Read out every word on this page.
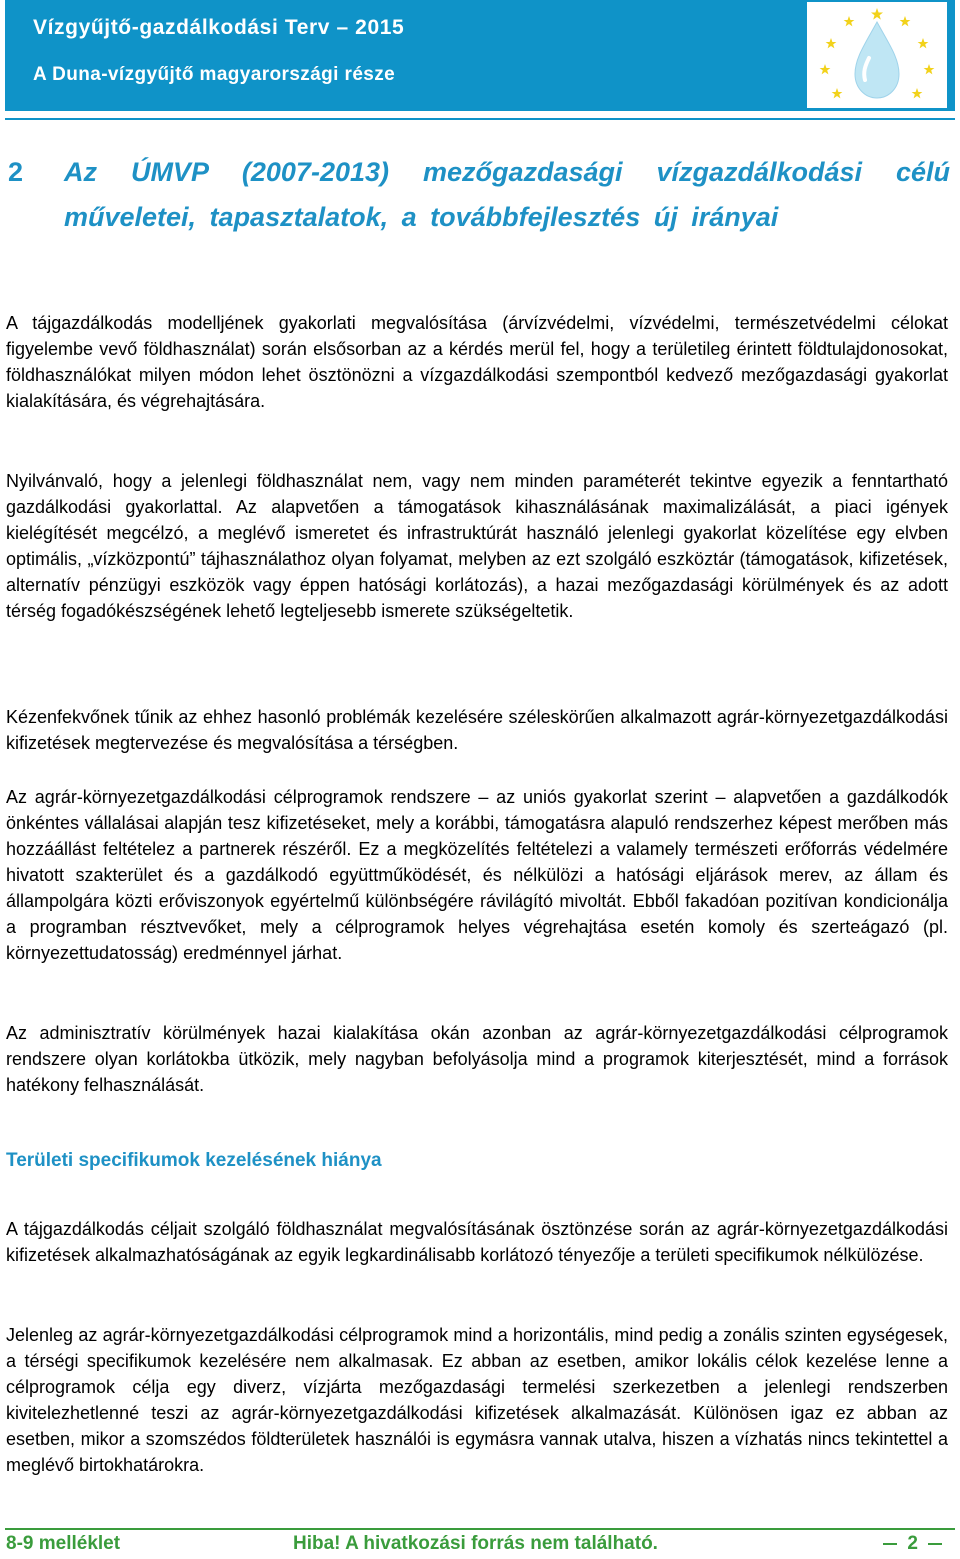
Vízgyűjtő-gazdálkodási Terv – 2015
A Duna-vízgyűjtő magyarországi része
2	Az ÚMVP (2007-2013) mezőgazdasági vízgazdálkodási célú műveletei, tapasztalatok, a továbbfejlesztés új irányai

A tájgazdálkodás modelljének gyakorlati megvalósítása (árvízvédelmi, vízvédelmi, természetvédelmi célokat figyelembe vevő földhasználat) során elsősorban az a kérdés merül fel, hogy a területileg érintett földtulajdonosokat, földhasználókat milyen módon lehet ösztönözni a vízgazdálkodási szempontból kedvező mezőgazdasági gyakorlat kialakítására, és végrehajtására.

Nyilvánvaló, hogy a jelenlegi földhasználat nem, vagy nem minden paraméterét tekintve egyezik a fenntartható gazdálkodási gyakorlattal. Az alapvetően a támogatások kihasználásának maximalizálását, a piaci igények kielégítését megcélzó, a meglévő ismeretet és infrastruktúrát használó jelenlegi gyakorlat közelítése egy elvben optimális, „vízközpontú” tájhasználathoz olyan folyamat, melyben az ezt szolgáló eszköztár (támogatások, kifizetések, alternatív pénzügyi eszközök vagy éppen hatósági korlátozás), a hazai mezőgazdasági körülmények és az adott térség fogadókészségének lehető legteljesebb ismerete szükségeltetik.

Kézenfekvőnek tűnik az ehhez hasonló problémák kezelésére széleskörűen alkalmazott agrár-környezetgazdálkodási kifizetések megtervezése és megvalósítása a térségben.

Az agrár-környezetgazdálkodási célprogramok rendszere – az uniós gyakorlat szerint – alapvetően a gazdálkodók önkéntes vállalásai alapján tesz kifizetéseket, mely a korábbi, támogatásra alapuló rendszerhez képest merőben más hozzáállást feltételez a partnerek részéről. Ez a megközelítés feltételezi a valamely természeti erőforrás védelmére hivatott szakterület és a gazdálkodó együttműködését, és nélkülözi a hatósági eljárások merev, az állam és állampolgára közti erőviszonyok egyértelmű különbségére rávilágító mivoltát. Ebből fakadóan pozitívan kondicionálja a programban résztvevőket, mely a célprogramok helyes végrehajtása esetén komoly és szerteágazó (pl. környezettudatosság) eredménnyel járhat.

Az adminisztratív körülmények hazai kialakítása okán azonban az agrár-környezetgazdálkodási célprogramok rendszere olyan korlátokba ütközik, mely nagyban befolyásolja mind a programok kiterjesztését, mind a források hatékony felhasználását.

Területi specifikumok kezelésének hiánya

A tájgazdálkodás céljait szolgáló földhasználat megvalósításának ösztönzése során az agrár-környezetgazdálkodási kifizetések alkalmazhatóságának az egyik legkardinálisabb korlátozó tényezője a területi specifikumok nélkülözése.

Jelenleg az agrár-környezetgazdálkodási célprogramok mind a horizontális, mind pedig a zonális szinten egységesek, a térségi specifikumok kezelésére nem alkalmasak. Ez abban az esetben, amikor lokális célok kezelése lenne a célprogramok célja egy diverz, vízjárta mezőgazdasági termelési szerkezetben a jelenlegi rendszerben kivitelezhetlenné teszi az agrár-környezetgazdálkodási kifizetések alkalmazását. Különösen igaz ez abban az esetben, mikor a szomszédos földterületek használói is egymásra vannak utalva, hiszen a vízhatás nincs tekintettel a meglévő birtokhatárokra.

8-9 melléklet	Hiba! A hivatkozási forrás nem található.	2
